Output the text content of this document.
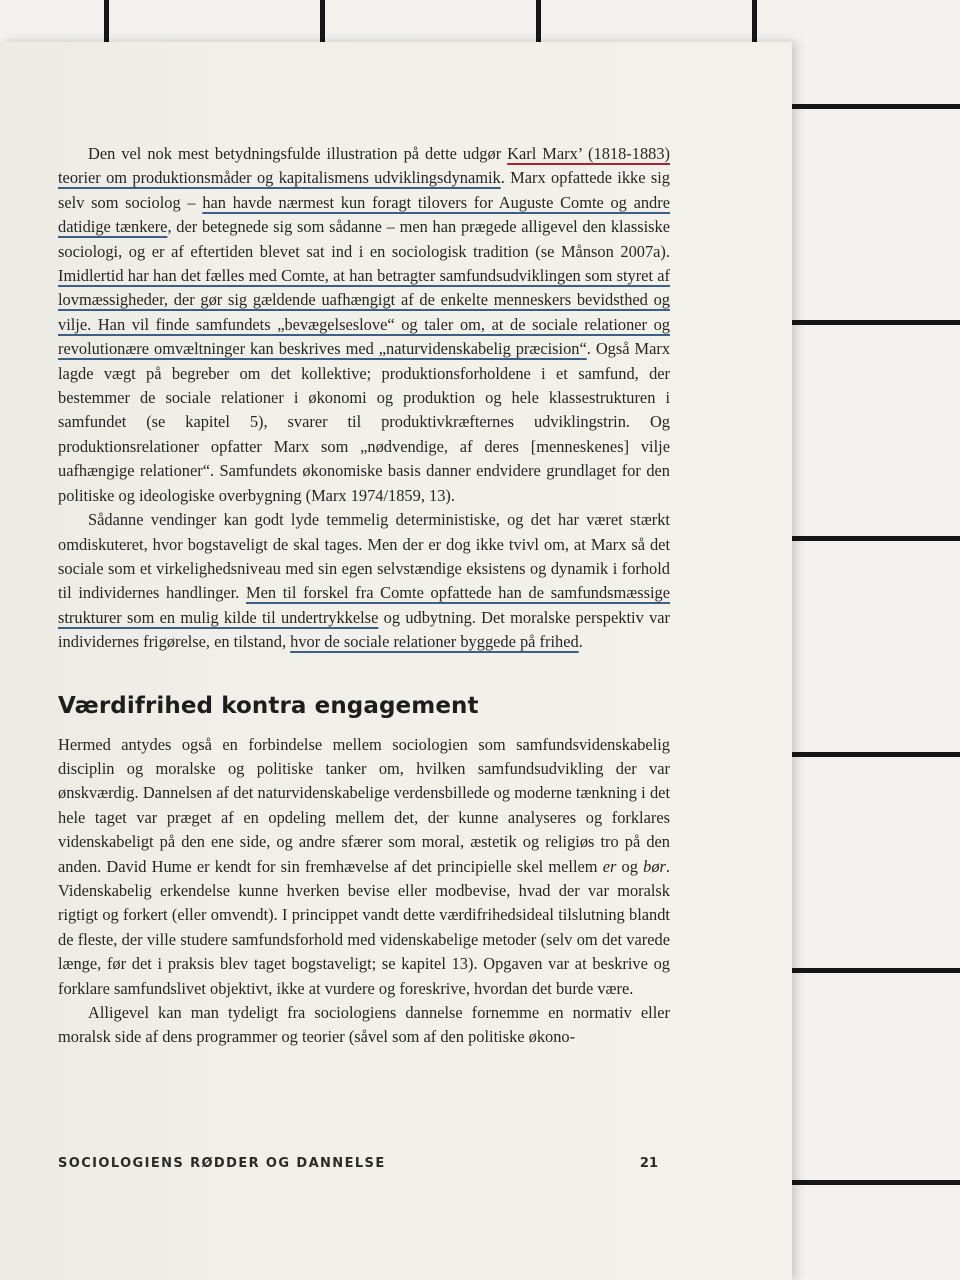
Den vel nok mest betydningsfulde illustration på dette udgør Karl Marx’ (1818-1883) teorier om produktionsmåder og kapitalismens udviklingsdynamik. Marx opfattede ikke sig selv som sociolog – han havde nærmest kun foragt tilovers for Auguste Comte og andre datidige tænkere, der betegnede sig som sådanne – men han prægede alligevel den klassiske sociologi, og er af eftertiden blevet sat ind i en sociologisk tradition (se Månson 2007a). Imidlertid har han det fælles med Comte, at han betragter samfundsudviklingen som styret af lovmæssigheder, der gør sig gældende uafhængigt af de enkelte menneskers bevidsthed og vilje. Han vil finde samfundets „bevægelseslove“ og taler om, at de sociale relationer og revolutionære omvæltninger kan beskrives med „naturvidenskabelig præcision“. Også Marx lagde vægt på begreber om det kollektive; produktionsforholdene i et samfund, der bestemmer de sociale relationer i økonomi og produktion og hele klassestrukturen i samfundet (se kapitel 5), svarer til produktivkræfternes udviklingstrin. Og produktionsrelationer opfatter Marx som „nødvendige, af deres [menneskenes] vilje uafhængige relationer“. Samfundets økonomiske basis danner endvidere grundlaget for den politiske og ideologiske overbygning (Marx 1974/1859, 13).

Sådanne vendinger kan godt lyde temmelig deterministiske, og det har været stærkt omdiskuteret, hvor bogstaveligt de skal tages. Men der er dog ikke tvivl om, at Marx så det sociale som et virkelighedsniveau med sin egen selvstændige eksistens og dynamik i forhold til individernes handlinger. Men til forskel fra Comte opfattede han de samfundsmæssige strukturer som en mulig kilde til undertrykkelse og udbytning. Det moralske perspektiv var individernes frigørelse, en tilstand, hvor de sociale relationer byggede på frihed.

Værdifrihed kontra engagement

Hermed antydes også en forbindelse mellem sociologien som samfundsvidenskabelig disciplin og moralske og politiske tanker om, hvilken samfundsudvikling der var ønskværdig. Dannelsen af det naturvidenskabelige verdensbillede og moderne tænkning i det hele taget var præget af en opdeling mellem det, der kunne analyseres og forklares videnskabeligt på den ene side, og andre sfærer som moral, æstetik og religiøs tro på den anden. David Hume er kendt for sin fremhævelse af det principielle skel mellem er og bør. Videnskabelig erkendelse kunne hverken bevise eller modbevise, hvad der var moralsk rigtigt og forkert (eller omvendt). I princippet vandt dette værdifrihedsideal tilslutning blandt de fleste, der ville studere samfundsforhold med videnskabelige metoder (selv om det varede længe, før det i praksis blev taget bogstaveligt; se kapitel 13). Opgaven var at beskrive og forklare samfundslivet objektivt, ikke at vurdere og foreskrive, hvordan det burde være.

Alligevel kan man tydeligt fra sociologiens dannelse fornemme en normativ eller moralsk side af dens programmer og teorier (såvel som af den politiske økono-

SOCIOLOGIENS RØDDER OG DANNELSE	21
